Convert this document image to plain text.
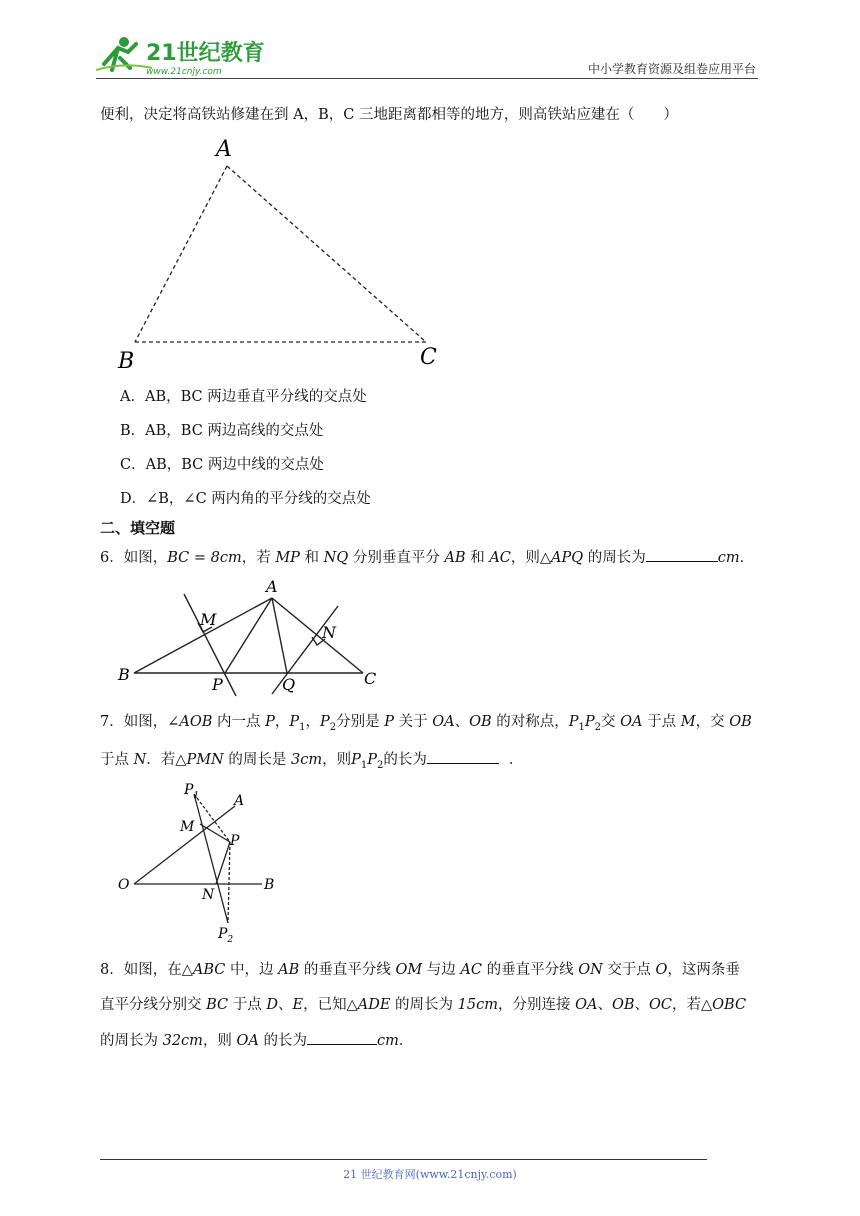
21世纪教育
www.21cnjy.com	中小学教育资源及组卷应用平台
便利，决定将高铁站修建在到 A，B，C 三地距离都相等的地方，则高铁站应建在（　　）
A
B	C
A．AB，BC 两边垂直平分线的交点处
B．AB，BC 两边高线的交点处
C．AB，BC 两边中线的交点处
D．∠B，∠C 两内角的平分线的交点处
二、填空题
6．如图，BC = 8cm，若 MP 和 NQ 分别垂直平分 AB 和 AC，则△APQ 的周长为	cm．
A
B	C
M
N
P	Q
7．如图，∠AOB 内一点 P，$P_1$，$P_2$分别是 P 关于 OA、OB 的对称点，$P_1P_2$交 OA 于点 M，交 OB
于点 N．若△PMN 的周长是 3cm，则$P_1P_2$的长为	．
$P_1$ A
M
P
O
N
B
$P_2$
8．如图，在△ABC 中，边 AB 的垂直平分线 OM 与边 AC 的垂直平分线 ON 交于点 O，这两条垂
直平分线分别交 BC 于点 D、E，已知△ADE 的周长为 15cm，分别连接 OA、OB、OC，若△OBC
的周长为 32cm，则 OA 的长为	cm．
21 世纪教育网(www.21cnjy.com)
